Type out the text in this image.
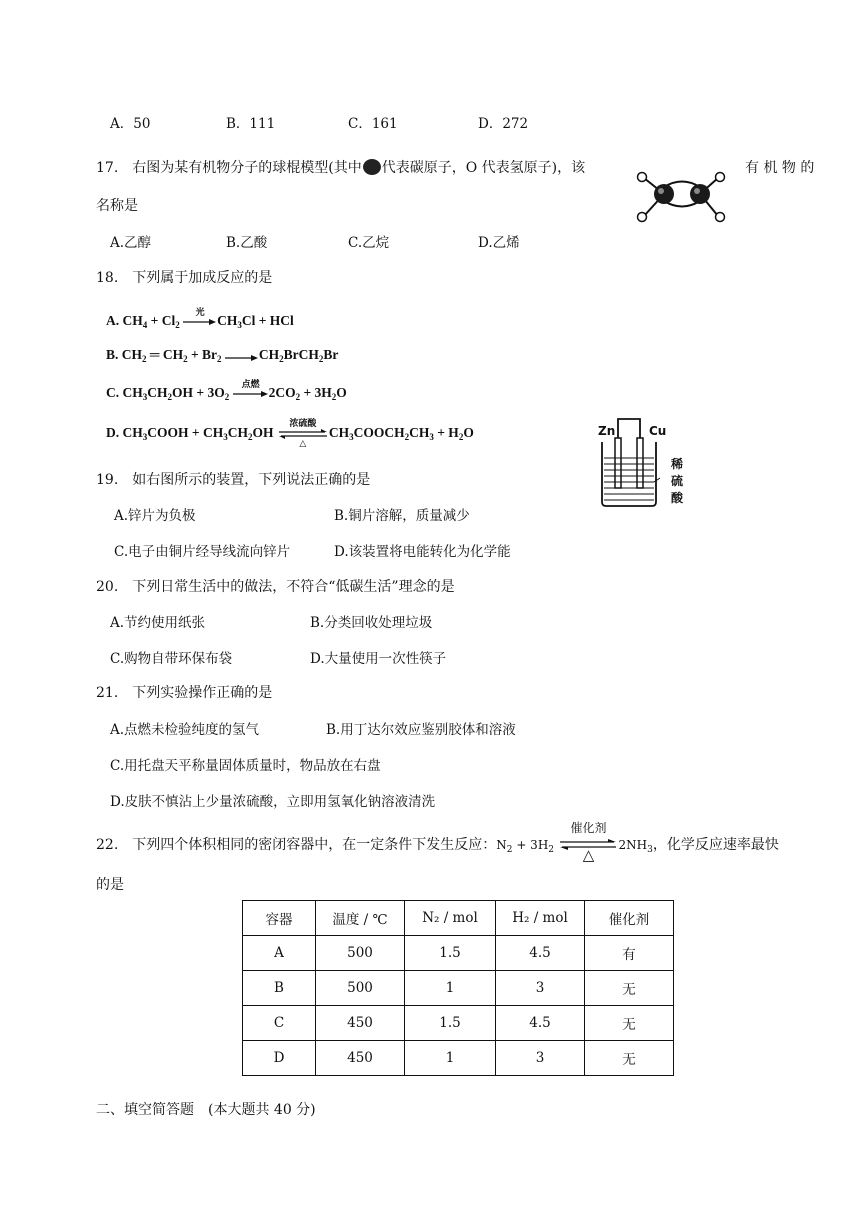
A．50	B．111	C．161	D．272
17.　右图为某有机物分子的球棍模型(其中 代表碳原子，O 代表氢原子)，该	有 机 物 的
名称是
A.乙醇	B.乙酸	C.乙烷	D.乙烯
18.　下列属于加成反应的是
A. $CH_4 + Cl_2$
光
$CH_3Cl$ + HCl
B. $CH_2$ ═ $CH_2 + Br_2$	$CH_2BrCH_2Br$
C. $CH_3CH_2OH + 3O_2$
点燃
$2CO_2 + 3H_2O$
D. $CH_3COOH + CH_3CH_2OH$
浓硫酸
△
$CH_3COOCH_2CH_3 + H_2O$	Zn	Cu
稀
硫
酸
19.　如右图所示的装置，下列说法正确的是
A.锌片为负极	B.铜片溶解，质量减少
C.电子由铜片经导线流向锌片	D.该装置将电能转化为化学能
20.　下列日常生活中的做法，不符合“低碳生活”理念的是
A.节约使用纸张	B.分类回收处理垃圾
C.购物自带环保布袋	D.大量使用一次性筷子
21.　下列实验操作正确的是
A.点燃未检验纯度的氢气	B.用丁达尔效应鉴别胶体和溶液
C.用托盘天平称量固体质量时，物品放在右盘
D.皮肤不慎沾上少量浓硫酸，立即用氢氧化钠溶液清洗
22.　下列四个体积相同的密闭容器中，在一定条件下发生反应：$N_2 + 3H_2$
催化剂
△
$2NH_3$，化学反应速率最快
的是
容器	温度 / ℃	N₂ / mol	H₂ / mol	催化剂
A	500	1.5	4.5	有
B	500	1	3	无
C	450	1.5	4.5	无
D	450	1	3	无
二、填空简答题　(本大题共 40 分)
